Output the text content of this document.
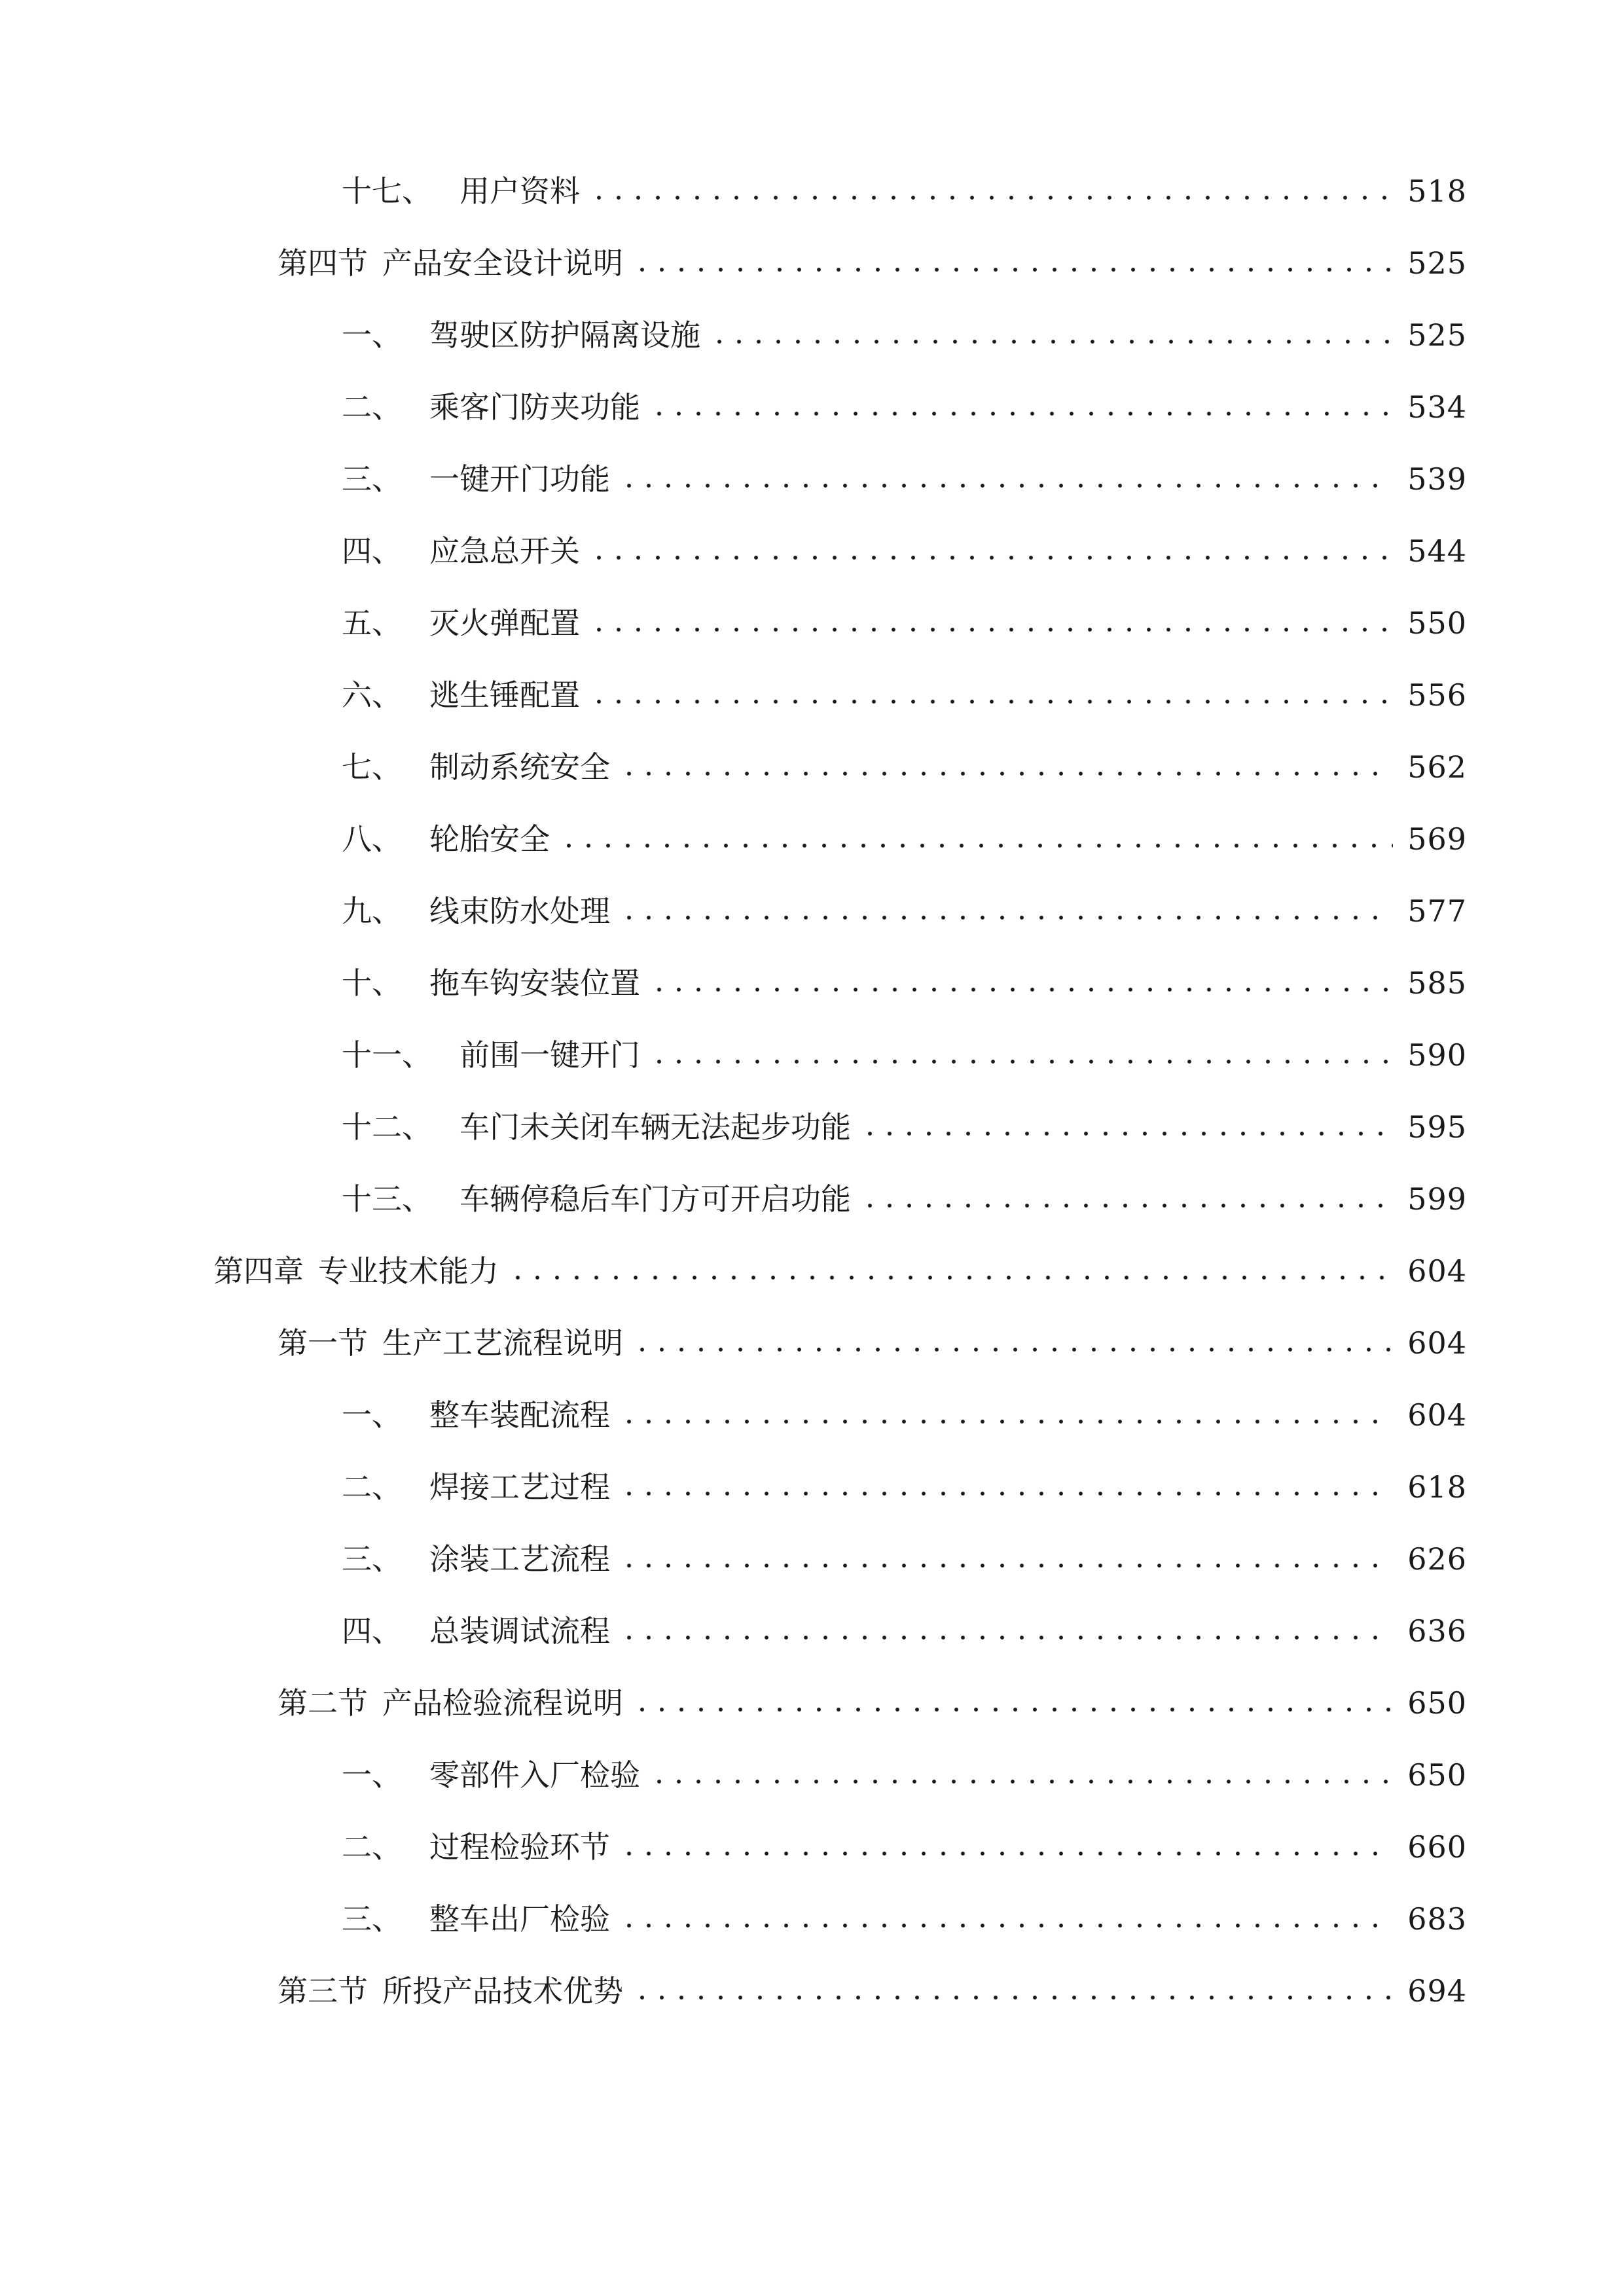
十七、 用户资料	518
第四节 产品安全设计说明	525
一、 驾驶区防护隔离设施	525
二、 乘客门防夹功能	534
三、 一键开门功能	539
四、 应急总开关	544
五、 灭火弹配置	550
六、 逃生锤配置	556
七、 制动系统安全	562
八、 轮胎安全	569
九、 线束防水处理	577
十、 拖车钩安装位置	585
十一、 前围一键开门	590
十二、 车门未关闭车辆无法起步功能	595
十三、 车辆停稳后车门方可开启功能	599
第四章 专业技术能力	604
第一节 生产工艺流程说明	604
一、 整车装配流程	604
二、 焊接工艺过程	618
三、 涂装工艺流程	626
四、 总装调试流程	636
第二节 产品检验流程说明	650
一、 零部件入厂检验	650
二、 过程检验环节	660
三、 整车出厂检验	683
第三节 所投产品技术优势	694
